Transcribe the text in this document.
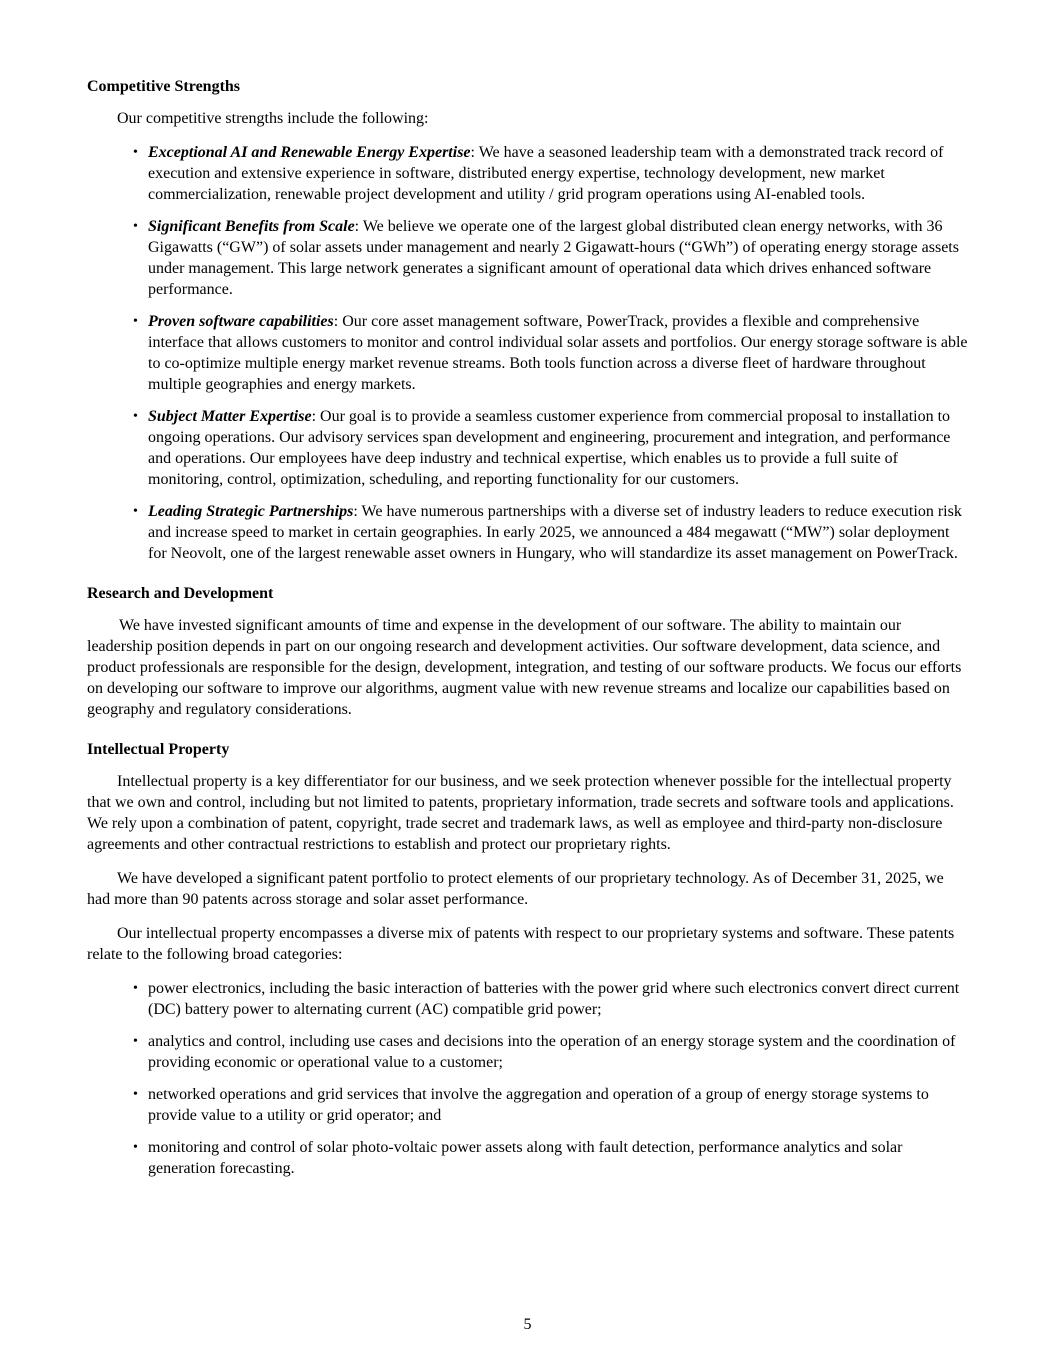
Competitive Strengths

Our competitive strengths include the following:

• Exceptional AI and Renewable Energy Expertise: We have a seasoned leadership team with a demonstrated track record of execution and extensive experience in software, distributed energy expertise, technology development, new market commercialization, renewable project development and utility / grid program operations using AI-enabled tools.
• Significant Benefits from Scale: We believe we operate one of the largest global distributed clean energy networks, with 36 Gigawatts (“GW”) of solar assets under management and nearly 2 Gigawatt-hours (“GWh”) of operating energy storage assets under management. This large network generates a significant amount of operational data which drives enhanced software performance.
• Proven software capabilities: Our core asset management software, PowerTrack, provides a flexible and comprehensive interface that allows customers to monitor and control individual solar assets and portfolios. Our energy storage software is able to co-optimize multiple energy market revenue streams. Both tools function across a diverse fleet of hardware throughout multiple geographies and energy markets.
• Subject Matter Expertise: Our goal is to provide a seamless customer experience from commercial proposal to installation to ongoing operations. Our advisory services span development and engineering, procurement and integration, and performance and operations. Our employees have deep industry and technical expertise, which enables us to provide a full suite of monitoring, control, optimization, scheduling, and reporting functionality for our customers.
• Leading Strategic Partnerships: We have numerous partnerships with a diverse set of industry leaders to reduce execution risk and increase speed to market in certain geographies. In early 2025, we announced a 484 megawatt (“MW”) solar deployment for Neovolt, one of the largest renewable asset owners in Hungary, who will standardize its asset management on PowerTrack.
Research and Development

We have invested significant amounts of time and expense in the development of our software. The ability to maintain our leadership position depends in part on our ongoing research and development activities. Our software development, data science, and product professionals are responsible for the design, development, integration, and testing of our software products. We focus our efforts on developing our software to improve our algorithms, augment value with new revenue streams and localize our capabilities based on geography and regulatory considerations.

Intellectual Property

Intellectual property is a key differentiator for our business, and we seek protection whenever possible for the intellectual property that we own and control, including but not limited to patents, proprietary information, trade secrets and software tools and applications. We rely upon a combination of patent, copyright, trade secret and trademark laws, as well as employee and third-party non-disclosure agreements and other contractual restrictions to establish and protect our proprietary rights.

We have developed a significant patent portfolio to protect elements of our proprietary technology. As of December 31, 2025, we had more than 90 patents across storage and solar asset performance.

Our intellectual property encompasses a diverse mix of patents with respect to our proprietary systems and software. These patents relate to the following broad categories:

• power electronics, including the basic interaction of batteries with the power grid where such electronics convert direct current (DC) battery power to alternating current (AC) compatible grid power;
• analytics and control, including use cases and decisions into the operation of an energy storage system and the coordination of providing economic or operational value to a customer;
• networked operations and grid services that involve the aggregation and operation of a group of energy storage systems to provide value to a utility or grid operator; and
• monitoring and control of solar photo-voltaic power assets along with fault detection, performance analytics and solar generation forecasting.
5
